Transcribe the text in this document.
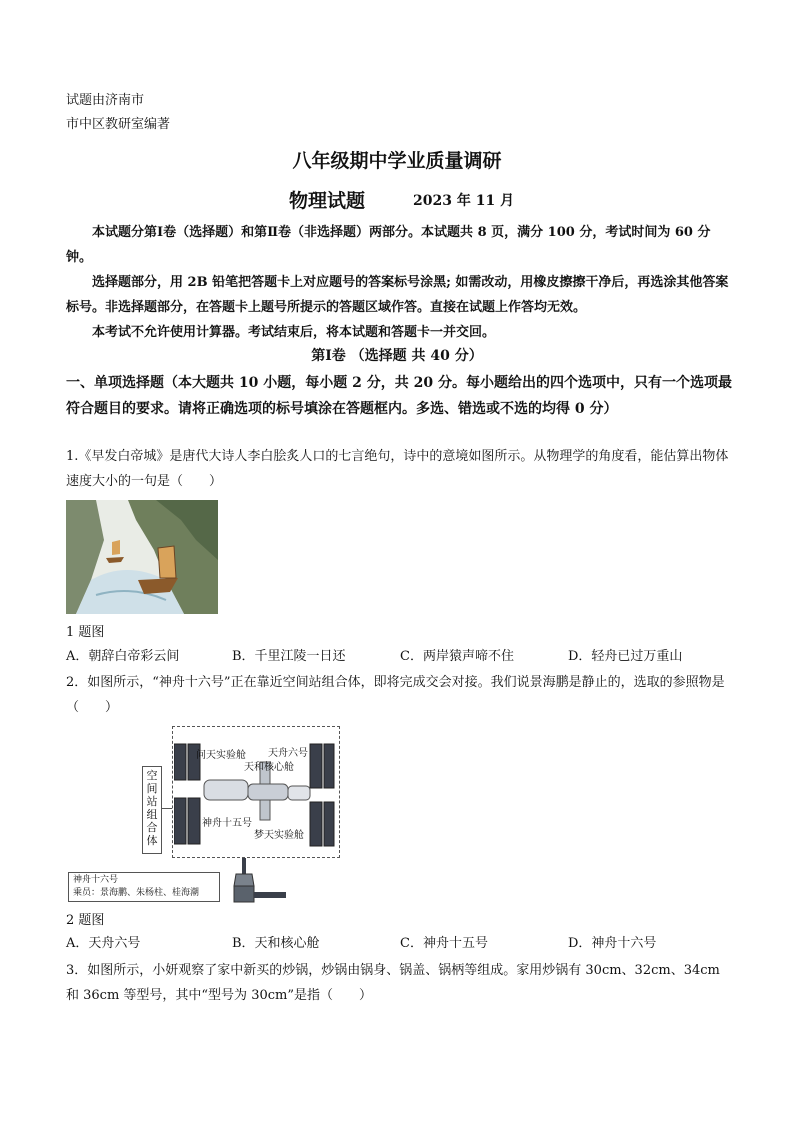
试题由济南市
市中区教研室编著
八年级期中学业质量调研
物理试题	2023 年 11 月
本试题分第Ⅰ卷（选择题）和第Ⅱ卷（非选择题）两部分。本试题共 8 页，满分 100 分，考试时间为 60 分钟。
选择题部分，用 2B 铅笔把答题卡上对应题号的答案标号涂黑; 如需改动，用橡皮擦擦干净后，再选涂其他答案标号。非选择题部分，在答题卡上题号所提示的答题区域作答。直接在试题上作答均无效。
本考试不允许使用计算器。考试结束后，将本试题和答题卡一并交回。
第Ⅰ卷 （选择题 共 40 分）
一、单项选择题（本大题共 10 小题，每小题 2 分，共 20 分。每小题给出的四个选项中，只有一个选项最符合题目的要求。请将正确选项的标号填涂在答题框内。多选、错选或不选的均得 0 分）
1.《早发白帝城》是唐代大诗人李白脍炙人口的七言绝句，诗中的意境如图所示。从物理学的角度看，能估算出物体速度大小的一句是（　　）
1 题图
A．朝辞白帝彩云间	B．千里江陵一日还	C．两岸猿声啼不住	D．轻舟已过万重山
2．如图所示，“神舟十六号”正在靠近空间站组合体，即将完成交会对接。我们说景海鹏是静止的，选取的参照物是（　　）
空
间
站
组
合
体
问天实验舱 天舟六号
天和核心舱
神舟十五号
梦天实验舱
神舟十六号
乘员：景海鹏、朱杨柱、桂海潮
2 题图
A．天舟六号	B．天和核心舱	C．神舟十五号	D．神舟十六号
3．如图所示，小妍观察了家中新买的炒锅，炒锅由锅身、锅盖、锅柄等组成。家用炒锅有 30cm、32cm、34cm 和 36cm 等型号，其中“型号为 30cm”是指（　　）
